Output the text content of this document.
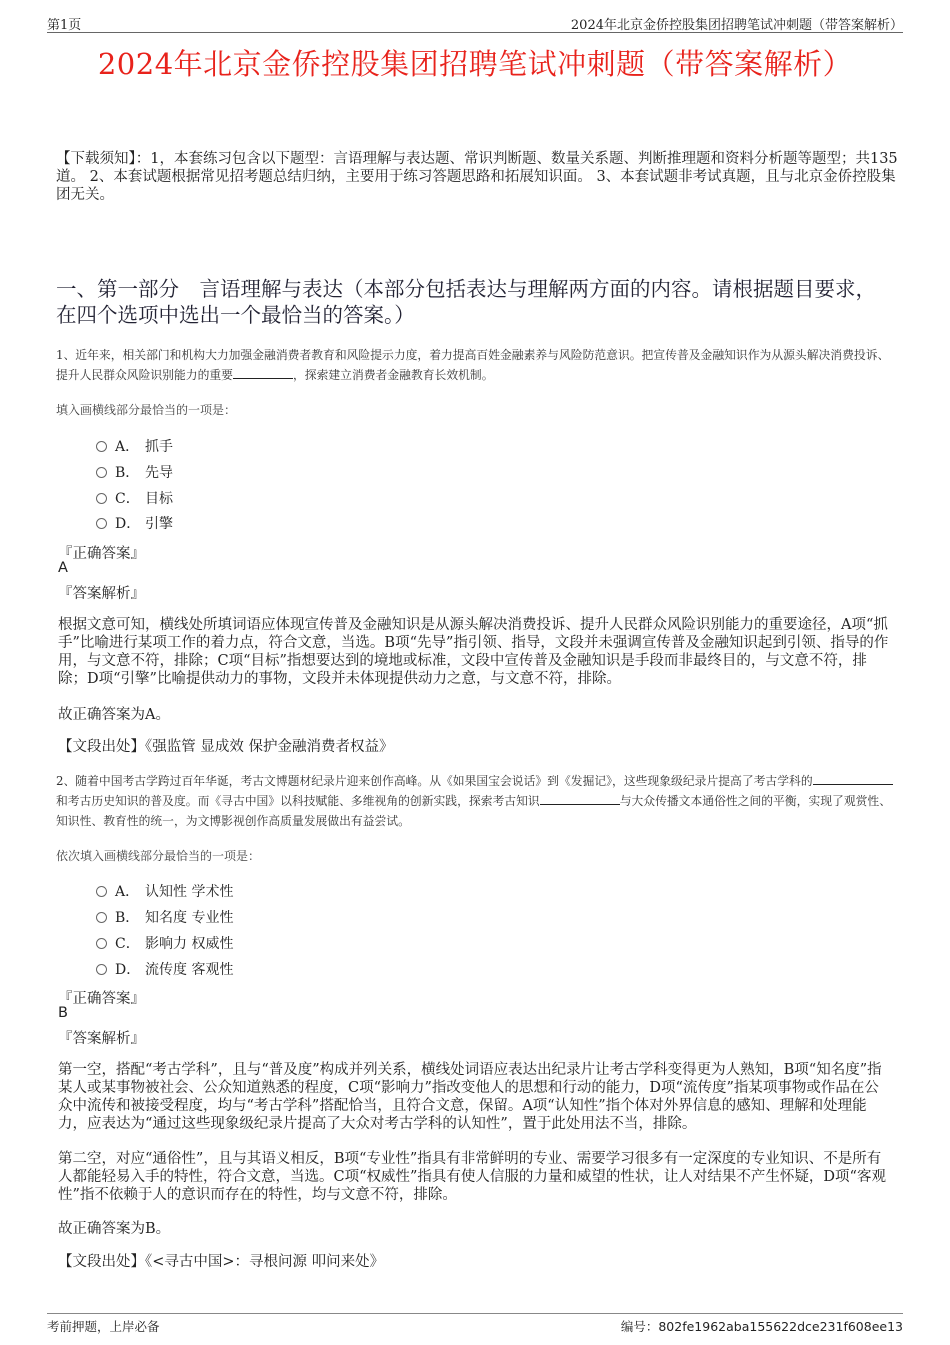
第1页	2024年北京金侨控股集团招聘笔试冲刺题（带答案解析）
2024年北京金侨控股集团招聘笔试冲刺题（带答案解析）
【下载须知】：1，本套练习包含以下题型：言语理解与表达题、常识判断题、数量关系题、判断推理题和资料分析题等题型；共135道。 2、本套试题根据常见招考题总结归纳，主要用于练习答题思路和拓展知识面。 3、本套试题非考试真题，且与北京金侨控股集团无关。
一、第一部分　言语理解与表达（本部分包括表达与理解两方面的内容。请根据题目要求，在四个选项中选出一个最恰当的答案。）
1、近年来，相关部门和机构大力加强金融消费者教育和风险提示力度，着力提高百姓金融素养与风险防范意识。把宣传普及金融知识作为从源头解决消费投诉、提升人民群众风险识别能力的重要	，探索建立消费者金融教育长效机制。
填入画横线部分最恰当的一项是：
A． 抓手
B． 先导
C． 目标
D． 引擎
『正确答案』
A
『答案解析』
根据文意可知，横线处所填词语应体现宣传普及金融知识是从源头解决消费投诉、提升人民群众风险识别能力的重要途径，A项“抓手”比喻进行某项工作的着力点，符合文意，当选。B项“先导”指引领、指导，文段并未强调宣传普及金融知识起到引领、指导的作用，与文意不符，排除；C项“目标”指想要达到的境地或标准，文段中宣传普及金融知识是手段而非最终目的，与文意不符，排除；D项“引擎”比喻提供动力的事物，文段并未体现提供动力之意，与文意不符，排除。
故正确答案为A。
【文段出处】《强监管 显成效 保护金融消费者权益》
2、随着中国考古学跨过百年华诞，考古文博题材纪录片迎来创作高峰。从《如果国宝会说话》到《发掘记》，这些现象级纪录片提高了考古学科的和考古历史知识的普及度。而《寻古中国》以科技赋能、多维视角的创新实践，探索考古知识	与大众传播文本通俗性之间的平衡，实现了观赏性、知识性、教育性的统一，为文博影视创作高质量发展做出有益尝试。
依次填入画横线部分最恰当的一项是：
A． 认知性 学术性
B． 知名度 专业性
C． 影响力 权威性
D． 流传度 客观性
『正确答案』
B
『答案解析』
第一空，搭配“考古学科”，且与“普及度”构成并列关系，横线处词语应表达出纪录片让考古学科变得更为人熟知，B项“知名度”指某人或某事物被社会、公众知道熟悉的程度，C项“影响力”指改变他人的思想和行动的能力，D项“流传度”指某项事物或作品在公众中流传和被接受程度，均与“考古学科”搭配恰当，且符合文意，保留。A项“认知性”指个体对外界信息的感知、理解和处理能力，应表达为“通过这些现象级纪录片提高了大众对考古学科的认知性”，置于此处用法不当，排除。
第二空，对应“通俗性”，且与其语义相反，B项“专业性”指具有非常鲜明的专业、需要学习很多有一定深度的专业知识、不是所有人都能轻易入手的特性，符合文意，当选。C项“权威性”指具有使人信服的力量和威望的性状，让人对结果不产生怀疑，D项“客观性”指不依赖于人的意识而存在的特性，均与文意不符，排除。
故正确答案为B。
【文段出处】《<寻古中国>：寻根问源 叩问来处》
考前押题，上岸必备	编号：802fe1962aba155622dce231f608ee13
